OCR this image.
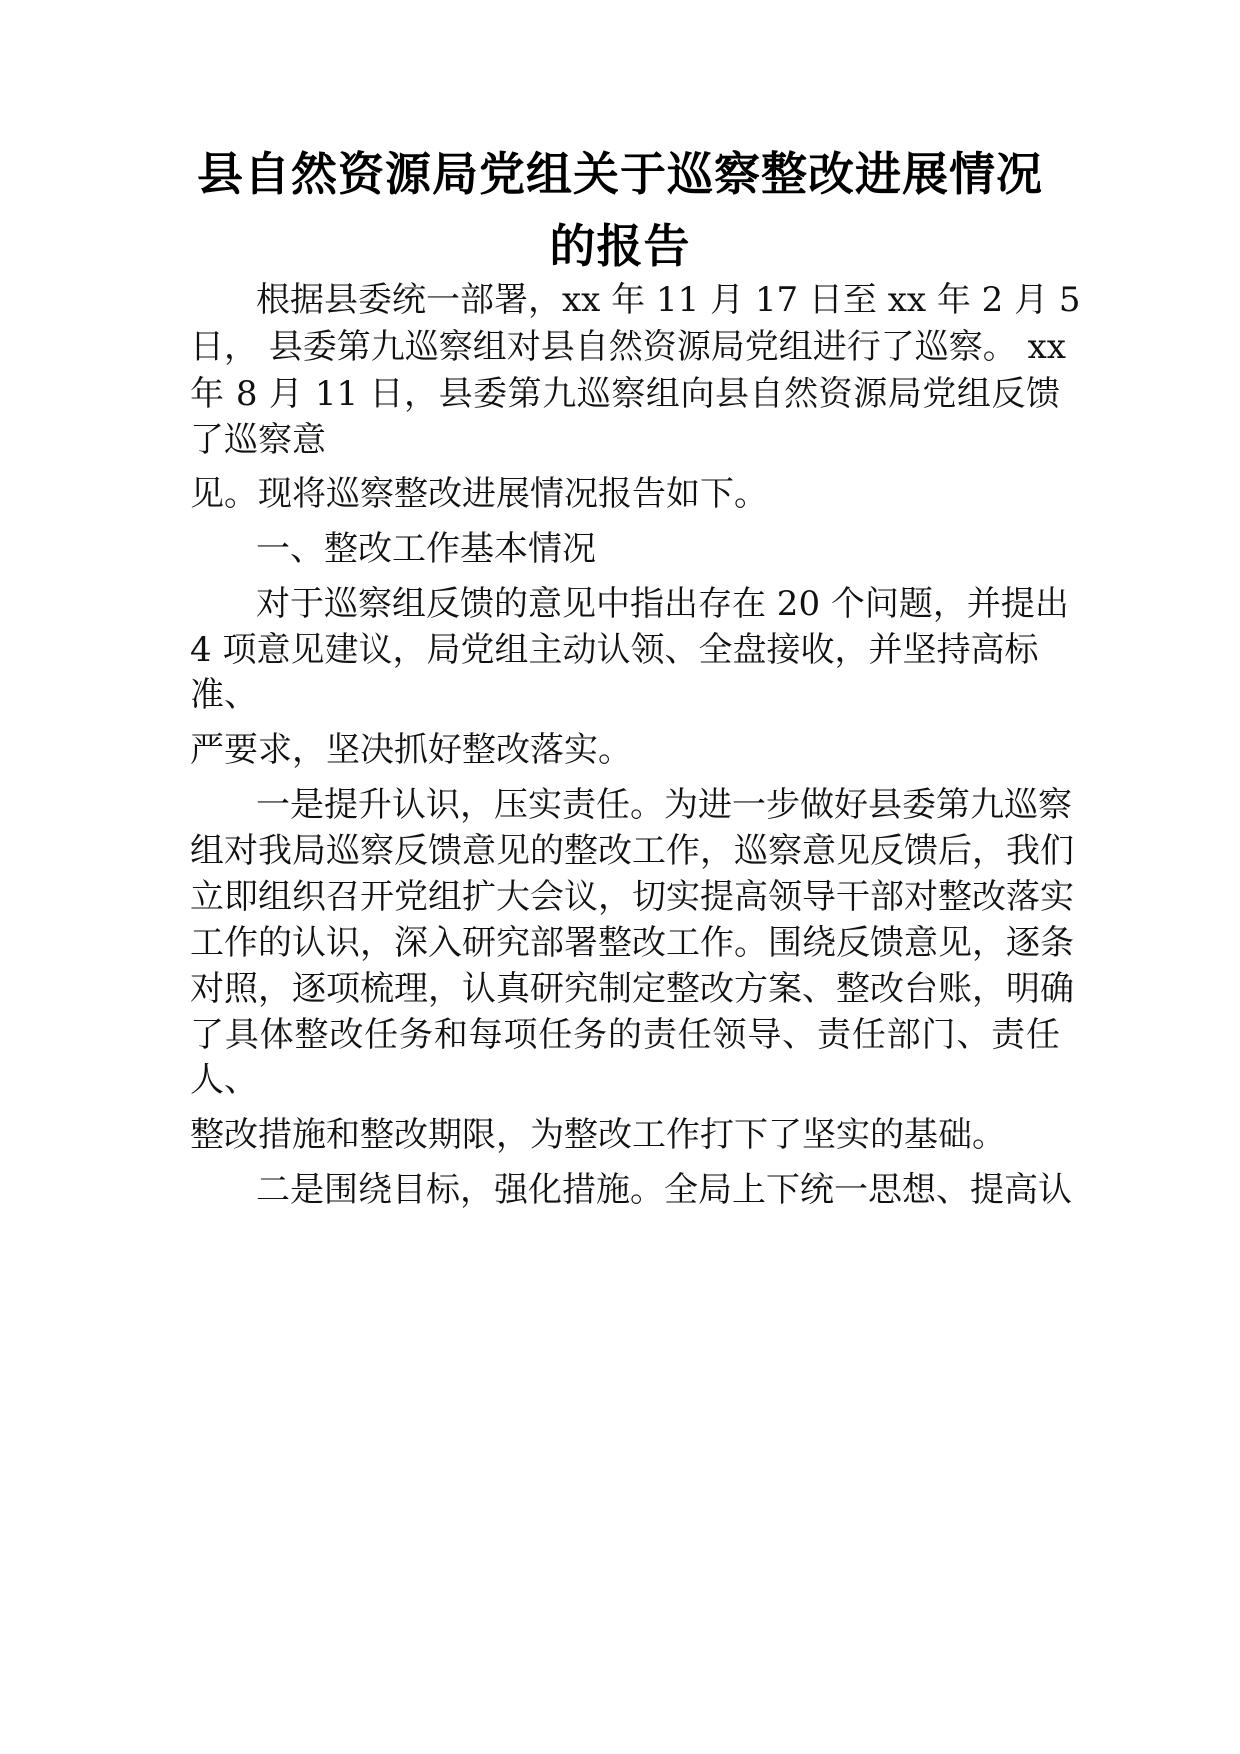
县自然资源局党组关于巡察整改进展情况
的报告
根据县委统一部署，xx 年 11 月 17 日至 xx 年 2 月 5
日， 县委第九巡察组对县自然资源局党组进行了巡察。 xx
年 8 月 11 日，县委第九巡察组向县自然资源局党组反馈
了巡察意
见。现将巡察整改进展情况报告如下。
一、整改工作基本情况
对于巡察组反馈的意见中指出存在 20 个问题，并提出
4 项意见建议，局党组主动认领、全盘接收，并坚持高标
准、
严要求，坚决抓好整改落实。
一是提升认识，压实责任。为进一步做好县委第九巡察
组对我局巡察反馈意见的整改工作，巡察意见反馈后，我们
立即组织召开党组扩大会议，切实提高领导干部对整改落实
工作的认识，深入研究部署整改工作。围绕反馈意见，逐条
对照，逐项梳理，认真研究制定整改方案、整改台账，明确
了具体整改任务和每项任务的责任领导、责任部门、责任
人、
整改措施和整改期限，为整改工作打下了坚实的基础。
二是围绕目标，强化措施。全局上下统一思想、提高认
